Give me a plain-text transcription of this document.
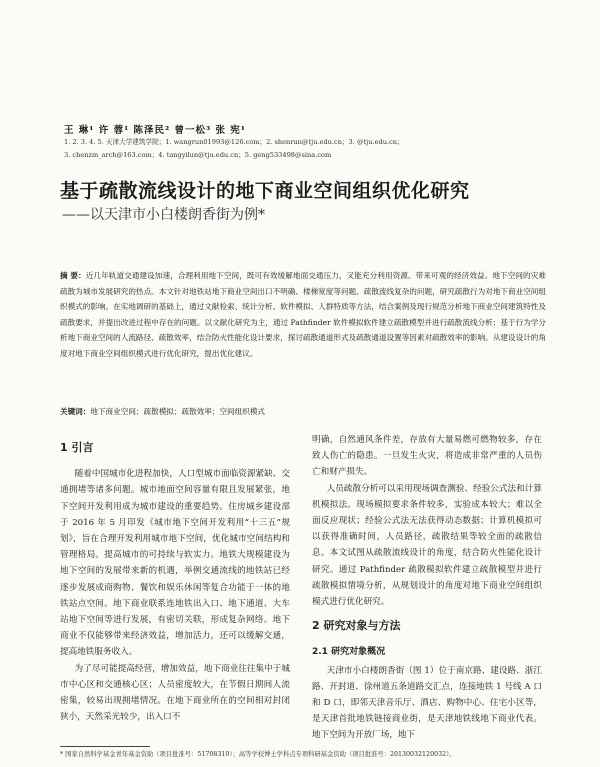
王 琳¹ 许 蓉¹ 陈泽民² 曾一松³ 张 宪¹
1. 2. 3. 4. 5. 天津大学建筑学院；1. wangrun01993@126.com；2. shenrun@tju.edu.cn；3. @tju.edu.cn；
3. chenzm_arch@163.com；4. tangyilun@tju.edu.cn；5. geng533498@sina.com
基于疏散流线设计的地下商业空间组织优化研究
——以天津市小白楼朗香街为例*
摘 要：近几年轨道交通建设加速，合理利用地下空间，既可有效缓解地面交通压力，又能充分利用资源。带来可观的经济效益。地下空间的灾难疏散为城市发展研究的热点。本文针对地铁站地下商业空间出口不明确、楼梯宽度等问题、疏散流线复杂的问题，研究疏散行为对地下商业空间组织模式的影响。在实地调研的基础上，通过文献检索、统计分析、软件模拟、人群特质等方法，结合案例及现行规范分析地下商业空间建筑特性及疏散要求，并提出改进过程中存在的问题。以文献化研究为主，通过 Pathfinder 软件模拟软件建立疏散模型并进行疏散流线分析；基于行为学分析地下商业空间的人流路径、疏散效率，结合防火性能化设计要求，探讨疏散通道形式及疏散通道设置等因素对疏散效率的影响。从建设设计的角度对地下商业空间组织模式进行优化研究，提出优化建议。
关键词：地下商业空间；疏散模拟；疏散效率；空间组织模式
1 引言

随着中国城市化进程加快，人口型城市面临资源紧缺、交通拥堵等诸多问题。城市地面空间容量有限且发展紧张，地下空间开发利用成为城市建设的重要趋势。住房城乡建设部于 2016 年 5 月印发《城市地下空间开发利用“十三五”规划》，旨在合理开发利用城市地下空间，优化城市空间结构和管理格局。提高城市的可持续与软实力。地铁大规模建设为地下空间的发展带来新的机遇，举例交通流线的地铁站已经逐步发展成商购物、餐饮和娱乐休闲等复合功能于一体的地铁站点空间。地下商业联系连地铁出入口、地下通道、大车站地下空间等进行发展，有密切关联，形成复杂网络。地下商业不仅能够带来经济效益，增加活力，还可以缓解交通，提高地铁服务收入。

为了尽可能提高经营，增加效益，地下商业往往集中于城市中心区和交通核心区；人员密度较大，在节假日期间人流密集，较易出现拥堵情况。在地下商业所在的空间相对封闭狭小，天然采光较少，出入口不

明确，自然通风条件差，存放有大量易燃可燃物较多，存在致人伤亡的隐患。一旦发生火灾，将造成非常严重的人员伤亡和财产损失。

人员疏散分析可以采用现场调查测验、经验公式法和计算机模拟法。现场模拟要求条件较多，实验成本较大；难以全面反应现状；经验公式法无法获得动态数据；计算机模拟可以获得准确时间，人员路径，疏散结果等较全面的疏散信息。本文试图从疏散流线设计的角度，结合防火性能化设计研究。通过 Pathfinder 疏散模拟软件建立疏散模型并进行疏散模拟情境分析，从规划设计的角度对地下商业空间组织模式进行优化研究。

2 研究对象与方法
2.1 研究对象概况

天津市小白楼朗香街（图 1）位于南京路、建设路、浙江路、开封道、徐州道五条道路交汇点，连接地铁 1 号线 A 口和 D 口，即邻天津音乐厅、酒店、购物中心、住宅小区等，是天津首批地铁链接商业街，是天津地铁线地下商业代表。地下空间为开放厂场，地下

* 国家自然科学基金青年基金资助（项目批准号：51708310）；高等学校博士学科点专项科研基金资助（项目批准号：20130032120032）。
